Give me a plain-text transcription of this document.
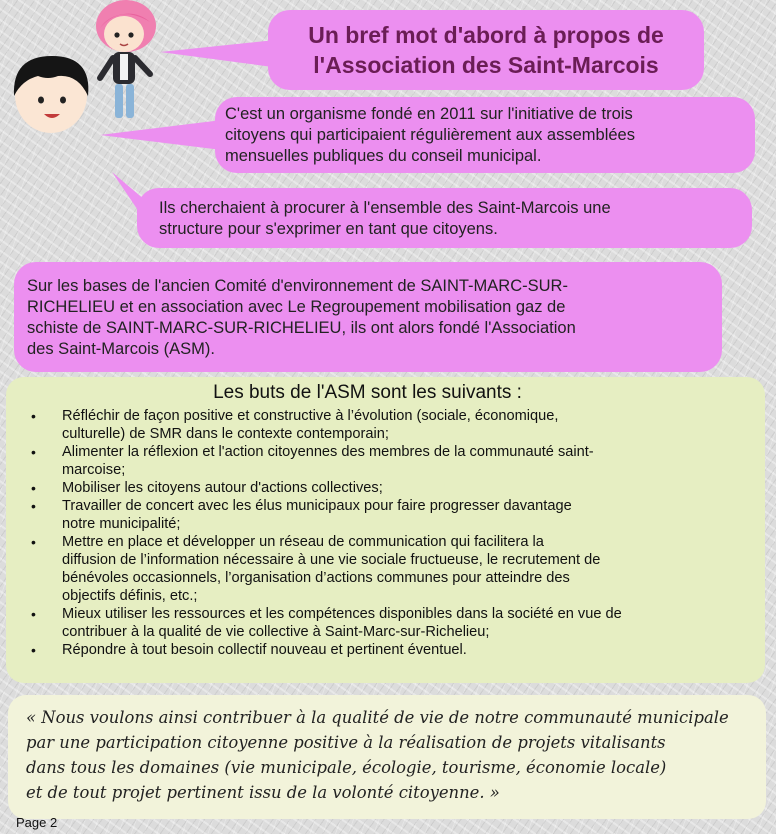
Un bref mot d'abord à propos de
l'Association des Saint-Marcois
C'est un organisme fondé en 2011 sur l'initiative de trois
citoyens qui participaient régulièrement aux assemblées
mensuelles publiques du conseil municipal.
Ils cherchaient à procurer à l'ensemble des Saint-Marcois une
structure pour s'exprimer en tant que citoyens.
Sur les bases de l'ancien Comité d'environnement de SAINT-MARC-SUR-
RICHELIEU et en association avec Le Regroupement mobilisation gaz de
schiste de SAINT-MARC-SUR-RICHELIEU, ils ont alors fondé l'Association
des Saint-Marcois (ASM).
Les buts de l'ASM sont les suivants :
• Réfléchir de façon positive et constructive à l’évolution (sociale, économique,
culturelle) de SMR dans le contexte contemporain;
• Alimenter la réflexion et l'action citoyennes des membres de la communauté saint-
marcoise;
• Mobiliser les citoyens autour d'actions collectives;
• Travailler de concert avec les élus municipaux pour faire progresser davantage
notre municipalité;
• Mettre en place et développer un réseau de communication qui facilitera la
diffusion de l’information nécessaire à une vie sociale fructueuse, le recrutement de
bénévoles occasionnels, l’organisation d’actions communes pour atteindre des
objectifs définis, etc.;
• Mieux utiliser les ressources et les compétences disponibles dans la société en vue de
contribuer à la qualité de vie collective à Saint-Marc-sur-Richelieu;
• Répondre à tout besoin collectif nouveau et pertinent éventuel.
« Nous voulons ainsi contribuer à la qualité de vie de notre communauté municipale
par une participation citoyenne positive à la réalisation de projets vitalisants
dans tous les domaines (vie municipale, écologie, tourisme, économie locale)
et de tout projet pertinent issu de la volonté citoyenne. »
Page 2
